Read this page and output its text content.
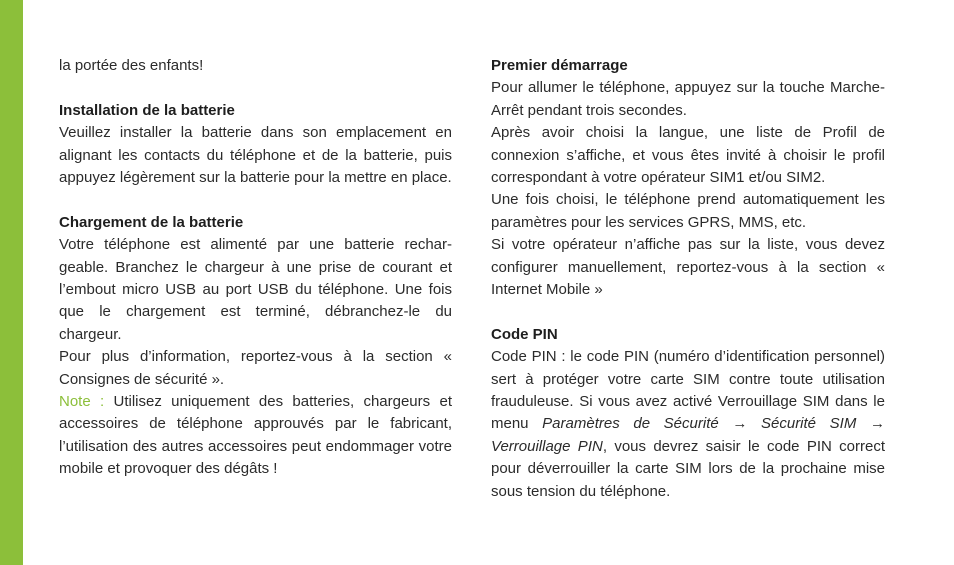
la portée des enfants!

Installation de la batterie

Veuillez installer la batterie dans son emplacement en alignant les contacts du téléphone et de la batterie, puis appuyez légèrement sur la batterie pour la mettre en place.

Chargement de la batterie

Votre téléphone est alimenté par une batterie rechargeable. Branchez le chargeur à une prise de courant et l’embout micro USB au port USB du téléphone. Une fois que le chargement est terminé, débranchez-le du chargeur.

Pour plus d’information, reportez-vous à la section « Consignes de sécurité ».

Note : Utilisez uniquement des batteries, chargeurs et accessoires de téléphone approuvés par le fabricant, l’utilisation des autres accessoires peut endommager votre mobile et provoquer des dégâts !

Premier démarrage

Pour allumer le téléphone, appuyez sur la touche Marche-Arrêt pendant trois secondes.

Après avoir choisi la langue, une liste de Profil de connexion s’affiche, et vous êtes invité à choisir le profil correspondant à votre opérateur SIM1 et/ou SIM2.

Une fois choisi, le téléphone prend automatiquement les paramètres pour les services GPRS, MMS, etc.

Si votre opérateur n’affiche pas sur la liste, vous devez configurer manuellement, reportez-vous à la section « Internet Mobile »

Code PIN

Code PIN : le code PIN (numéro d’identification personnel) sert à protéger votre carte SIM contre toute utilisation frauduleuse. Si vous avez activé Verrouillage SIM dans le menu Paramètres de Sécurité → Sécurité SIM → Verrouillage PIN, vous devrez saisir le code PIN correct pour déverrouiller la carte SIM lors de la prochaine mise sous tension du téléphone.
